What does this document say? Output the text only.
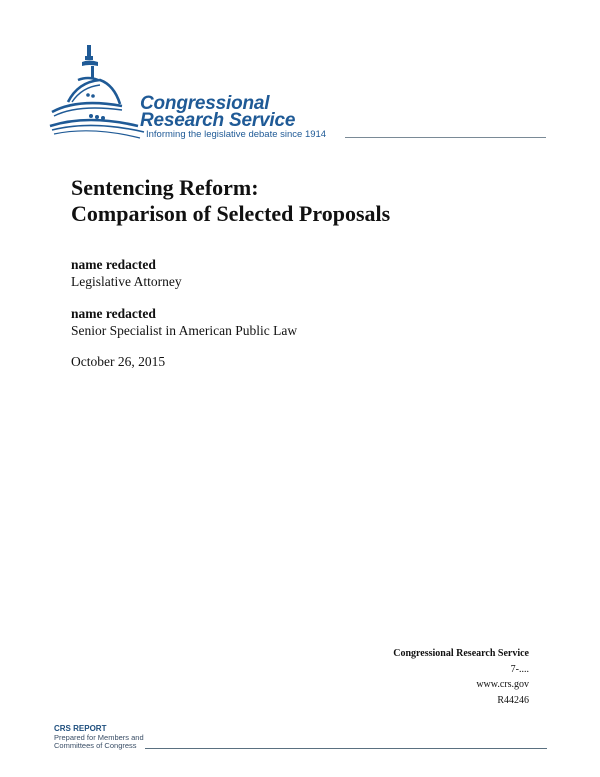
Congressional
Research Service
Informing the legislative debate since 1914
Sentencing Reform:
Comparison of Selected Proposals
name redacted
Legislative Attorney
name redacted
Senior Specialist in American Public Law
October 26, 2015
Congressional Research Service
7-....
www.crs.gov
R44246
CRS REPORT
Prepared for Members and
Committees of Congress
